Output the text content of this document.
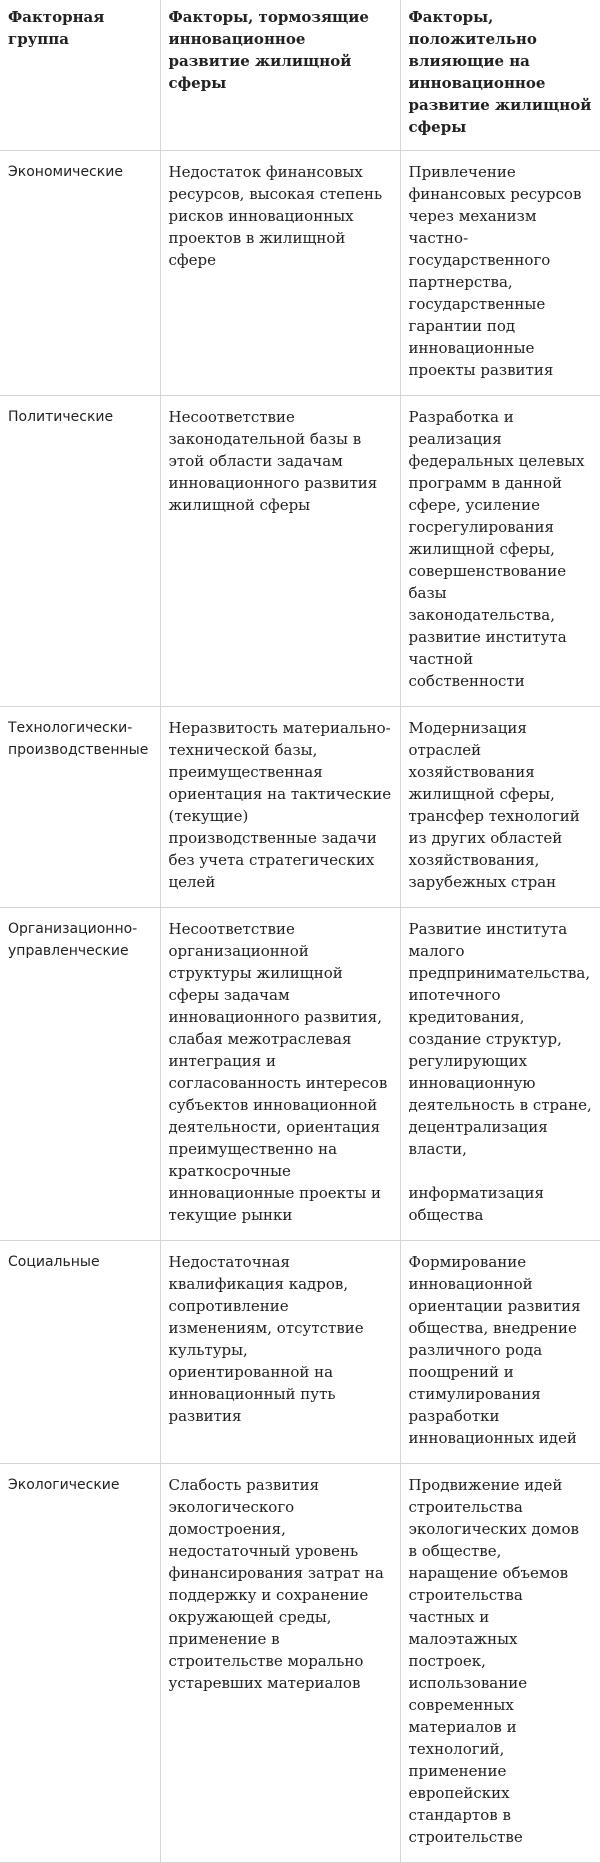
Факторная группа	Факторы, тормозящие инновационное развитие жилищной сферы	Факторы, положительно влияющие на инновационное развитие жилищной сферы

Экономические	Недостаток финансовых ресурсов, высокая степень рисков инновационных проектов в жилищной сфере	Привлечение финансовых ресурсов через механизм частно-государственного партнерства, государственные гарантии под инновационные проекты развития

Политические	Несоответствие законодательной базы в этой области задачам инновационного развития жилищной сферы	Разработка и реализация федеральных целевых программ в данной сфере, усиление госрегулирования жилищной сферы, совершенствование базы законодательства, развитие института частной собственности

Технологически-производственные	Неразвитость материально-технической базы, преимущественная ориентация на тактические (текущие) производственные задачи без учета стратегических целей	Модернизация отраслей хозяйствования жилищной сферы, трансфер технологий из других областей хозяйствования, зарубежных стран

Организационно-управленческие	Несоответствие организационной структуры жилищной сферы задачам инновационного развития, слабая межотраслевая интеграция и согласованность интересов субъектов инновационной деятельности, ориентация преимущественно на краткосрочные инновационные проекты и текущие рынки	Развитие института малого предпринимательства, ипотечного кредитования, создание структур, регулирующих инновационную деятельность в стране, децентрализация власти,

информатизация общества

Социальные	Недостаточная квалификация кадров, сопротивление изменениям, отсутствие культуры, ориентированной на инновационный путь развития	Формирование инновационной ориентации развития общества, внедрение различного рода поощрений и стимулирования разработки инновационных идей

Экологические	Слабость развития экологического домостроения, недостаточный уровень финансирования затрат на поддержку и сохранение окружающей среды, применение в строительстве морально устаревших материалов	Продвижение идей строительства экологических домов в обществе, наращение объемов строительства частных и малоэтажных построек, использование современных материалов и технологий, применение европейских стандартов в строительстве
